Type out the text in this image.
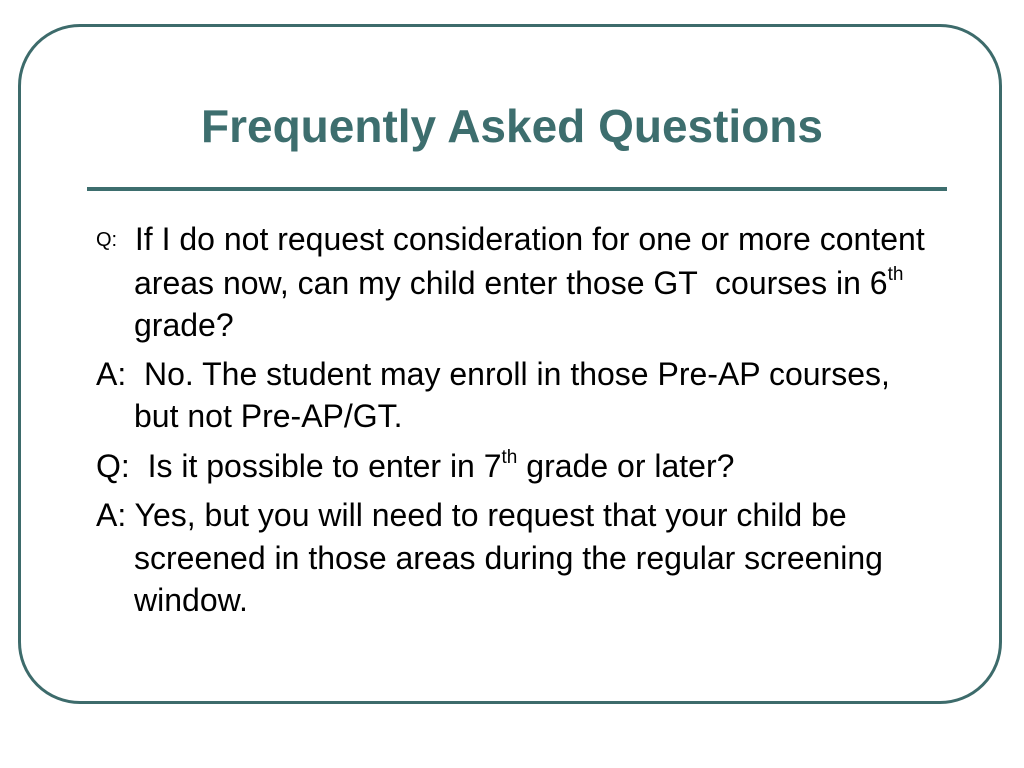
Frequently Asked Questions

Q:  If I do not request consideration for one or more content areas now, can my child enter those GT  courses in 6th grade?

A:  No. The student may enroll in those Pre-AP courses, but not Pre-AP/GT.

Q:  Is it possible to enter in 7th grade or later?

A: Yes, but you will need to request that your child be screened in those areas during the regular screening window.
